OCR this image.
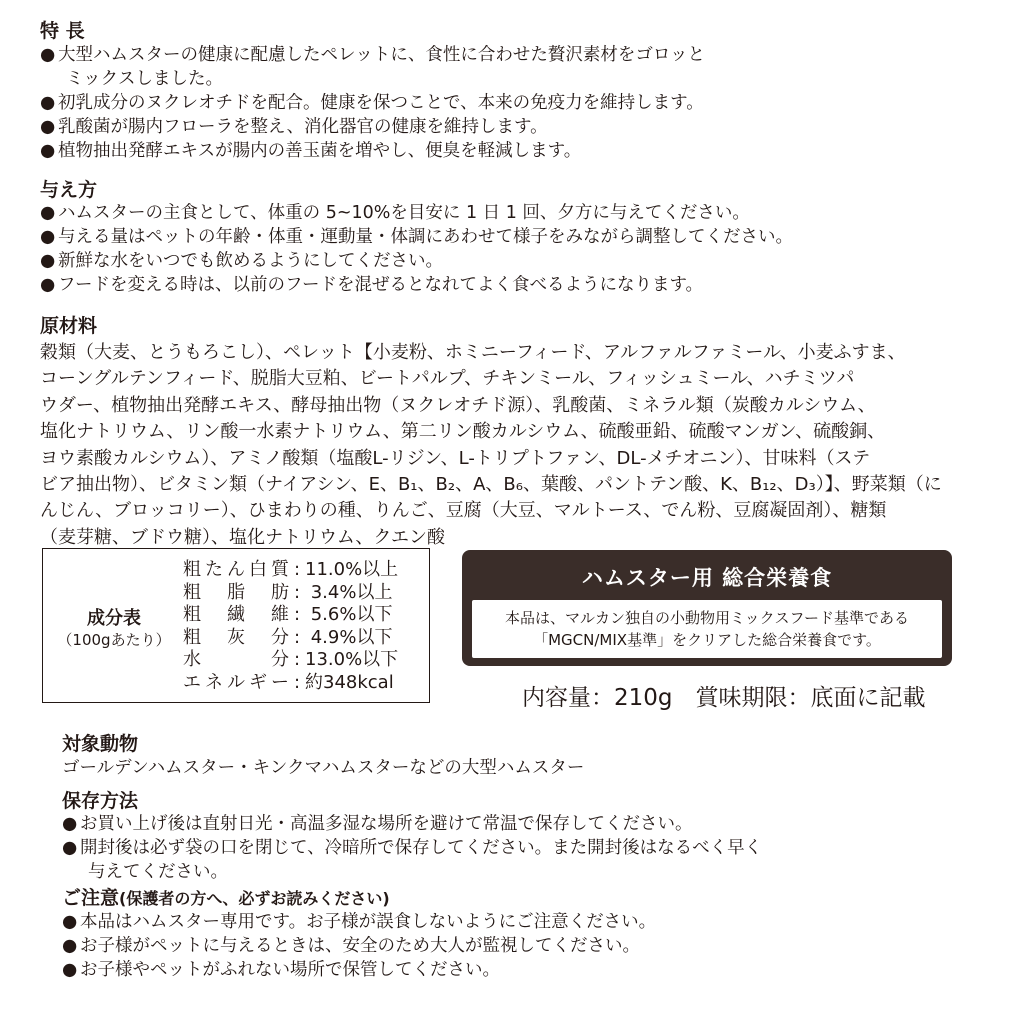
特 長
● 大型ハムスターの健康に配慮したペレットに、食性に合わせた贅沢素材をゴロッと
ミックスしました。
● 初乳成分のヌクレオチドを配合。健康を保つことで、本来の免疫力を維持します。
● 乳酸菌が腸内フローラを整え、消化器官の健康を維持します。
● 植物抽出発酵エキスが腸内の善玉菌を増やし、便臭を軽減します。
与え方
● ハムスターの主食として、体重の 5~10%を目安に 1 日 1 回、夕方に与えてください。
● 与える量はペットの年齢・体重・運動量・体調にあわせて様子をみながら調整してください。
● 新鮮な水をいつでも飲めるようにしてください。
● フードを変える時は、以前のフードを混ぜるとなれてよく食べるようになります。
原材料
穀類（大麦、とうもろこし）、ペレット【小麦粉、ホミニーフィード、アルファルファミール、小麦ふすま、
コーングルテンフィード、脱脂大豆粕、ビートパルプ、チキンミール、フィッシュミール、ハチミツパ
ウダー、植物抽出発酵エキス、酵母抽出物（ヌクレオチド源）、乳酸菌、ミネラル類（炭酸カルシウム、
塩化ナトリウム、リン酸一水素ナトリウム、第二リン酸カルシウム、硫酸亜鉛、硫酸マンガン、硫酸銅、
ヨウ素酸カルシウム）、アミノ酸類（塩酸L-リジン、L-トリプトファン、DL-メチオニン）、甘味料（ステ
ビア抽出物）、ビタミン類（ナイアシン、E、B₁、B₂、A、B₆、葉酸、パントテン酸、K、B₁₂、D₃）】、野菜類（に
んじん、ブロッコリー）、ひまわりの種、りんご、豆腐（大豆、マルトース、でん粉、豆腐凝固剤）、糖類
（麦芽糖、ブドウ糖）、塩化ナトリウム、クエン酸
成分表
（100gあたり）
粗たん白質 : 11.0%以上
粗脂肪 : 3.4%以上
粗繊維 : 5.6%以下
粗灰分 : 4.9%以下
水分 : 13.0%以下
エネルギー : 約348kcal
ハムスター用 総合栄養食
本品は、マルカン独自の小動物用ミックスフード基準である
「MGCN/MIX基準」をクリアした総合栄養食です。
内容量：210g　賞味期限：底面に記載
対象動物
ゴールデンハムスター・キンクマハムスターなどの大型ハムスター
保存方法
● お買い上げ後は直射日光・高温多湿な場所を避けて常温で保存してください。
● 開封後は必ず袋の口を閉じて、冷暗所で保存してください。また開封後はなるべく早く
与えてください。
ご注意(保護者の方へ、必ずお読みください)
● 本品はハムスター専用です。お子様が誤食しないようにご注意ください。
● お子様がペットに与えるときは、安全のため大人が監視してください。
● お子様やペットがふれない場所で保管してください。
